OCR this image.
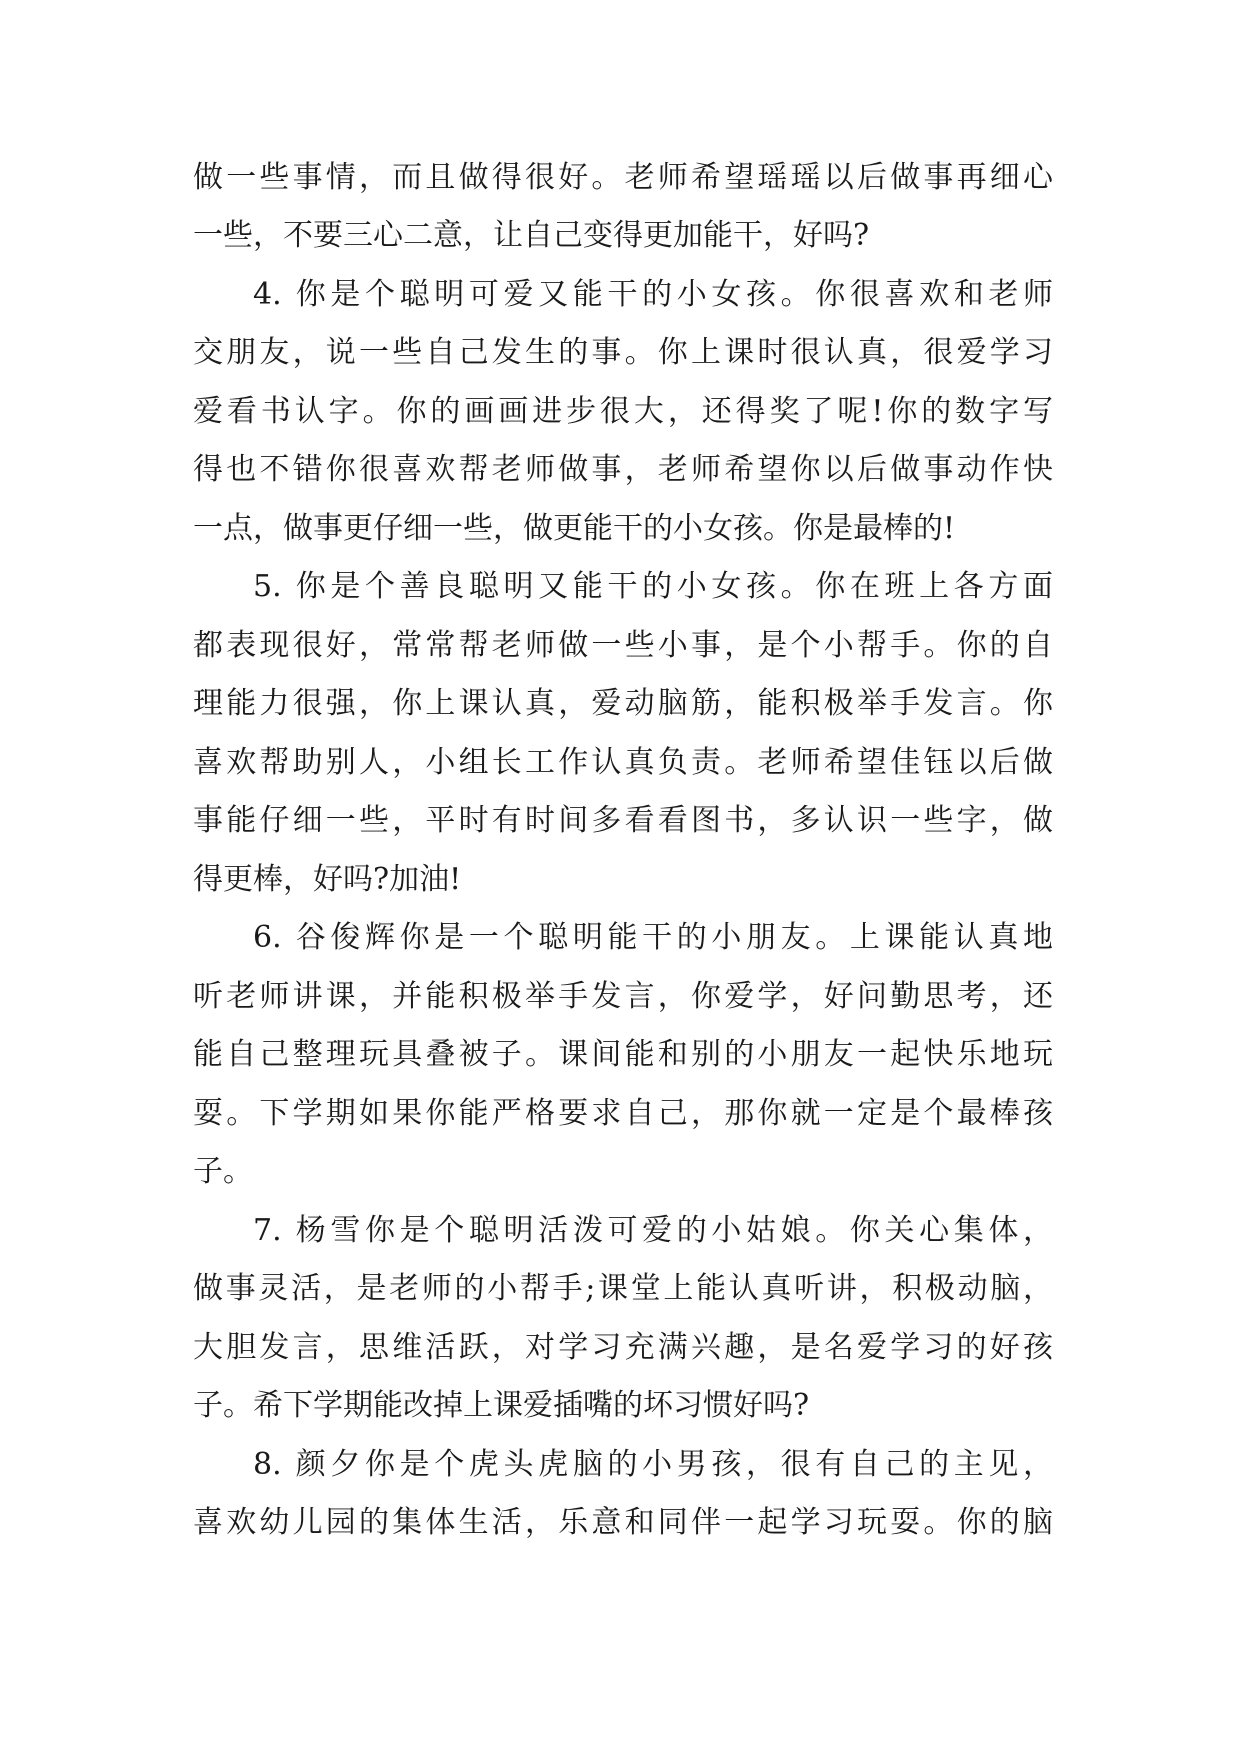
做一些事情，而且做得很好。老师希望瑶瑶以后做事再细心
一些，不要三心二意，让自己变得更加能干，好吗?
4. 你是个聪明可爱又能干的小女孩。你很喜欢和老师
交朋友，说一些自己发生的事。你上课时很认真，很爱学习
爱看书认字。你的画画进步很大，还得奖了呢!你的数字写
得也不错你很喜欢帮老师做事，老师希望你以后做事动作快
一点，做事更仔细一些，做更能干的小女孩。你是最棒的!
5. 你是个善良聪明又能干的小女孩。你在班上各方面
都表现很好，常常帮老师做一些小事，是个小帮手。你的自
理能力很强，你上课认真，爱动脑筋，能积极举手发言。你
喜欢帮助别人，小组长工作认真负责。老师希望佳钰以后做
事能仔细一些，平时有时间多看看图书，多认识一些字，做
得更棒，好吗?加油!
6. 谷俊辉你是一个聪明能干的小朋友。上课能认真地
听老师讲课，并能积极举手发言，你爱学，好问勤思考，还
能自己整理玩具叠被子。课间能和别的小朋友一起快乐地玩
耍。下学期如果你能严格要求自己，那你就一定是个最棒孩
子。
7. 杨雪你是个聪明活泼可爱的小姑娘。你关心集体，
做事灵活，是老师的小帮手;课堂上能认真听讲，积极动脑，
大胆发言，思维活跃，对学习充满兴趣，是名爱学习的好孩
子。希下学期能改掉上课爱插嘴的坏习惯好吗?
8. 颜夕你是个虎头虎脑的小男孩，很有自己的主见，
喜欢幼儿园的集体生活，乐意和同伴一起学习玩耍。你的脑
